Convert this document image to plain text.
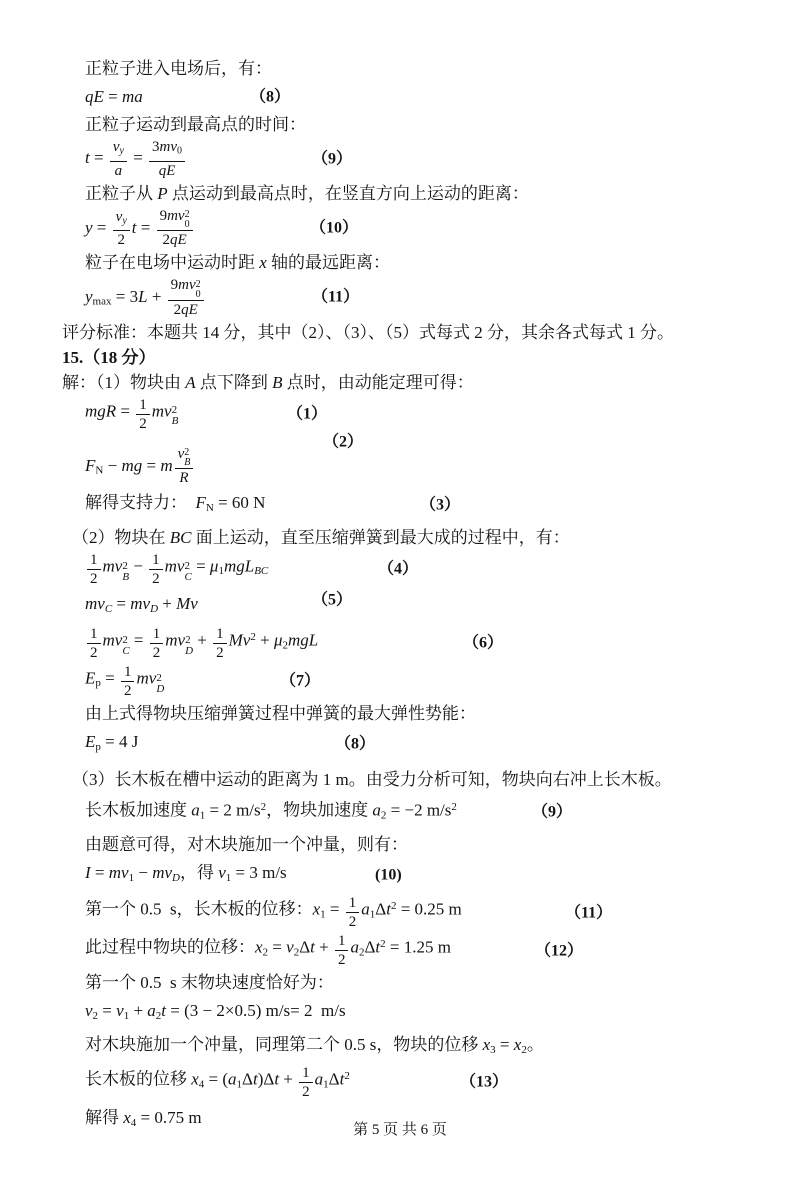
正粒子进入电场后，有：
qE = ma	（8）
正粒子运动到最高点的时间：
$t = \frac{vy}{a} = \frac{3mv0}{qE}$	（9）
正粒子从 P 点运动到最高点时，在竖直方向上运动的距离：
$y = \frac{vy}{2}$ t = 9mv 2
0
2qE	（10）
粒子在电场中运动时距 x 轴的最远距离：
ymax = 3L + 9mv 2
0
2qE	（11）
评分标准：本题共 14 分，其中（2）、（3）、（5）式每式 2 分，其余各式每式 1 分。
15.（18 分）
解：（1）物块由 A 点下降到 B 点时，由动能定理可得：
mgR = $\frac{1}{2}$ mv 2
B	（1）
FN − mg = m v 2
B
R
（2）
解得支持力：  FN = 60 N	（3）
（2）物块在 BC 面上运动，直至压缩弹簧到最大成的过程中，有：
$\frac{1}{2}$ mv 2
B
− $\frac{1}{2}$ mv 2
C
= μ1mgLBC	（4）
mvC = mvD + Mv	（5）
$\frac{1}{2}$ mv 2
C
= $\frac{1}{2}$ mv 2
D
+ $\frac{1}{2} Mv^2 + \mu 2mgL$	（6）
$Ep = \frac{1}{2}$ mv 2
D	（7）
由上式得物块压缩弹簧过程中弹簧的最大弹性势能：
Ep = 4 J	（8）
（3）长木板在槽中运动的距离为 1 m。由受力分析可知，物块向右冲上长木板。
长木板加速度 a1 = 2 $m/s^2$，物块加速度 a2 = −2 $m/s^2$	（9）
由题意可得，对木块施加一个冲量，则有：
I = mv1 − mvD，得 v1 = 3 m/s	(10)
第一个 0.5  s，长木板的位移：$x1 = \frac{1}{2} a1\Delta t^2 = 0.25$ m	（11）
此过程中物块的位移：$x2 = v2\Delta t + \frac{1}{2} a2\Delta t^2 = 1.25$ m	（12）
第一个 0.5  s 末物块速度恰好为：
v2 = v1 + a2t = (3 − 2×0.5) m/s= 2  m/s
对木块施加一个冲量，同理第二个 0.5 s，物块的位移 x3 = x2。
长木板的位移 $x4 = (a1\Delta t)\Delta t + \frac{1}{2} a1\Delta t^2$	（13）
解得 x4 = 0.75 m
第 5 页 共 6 页
